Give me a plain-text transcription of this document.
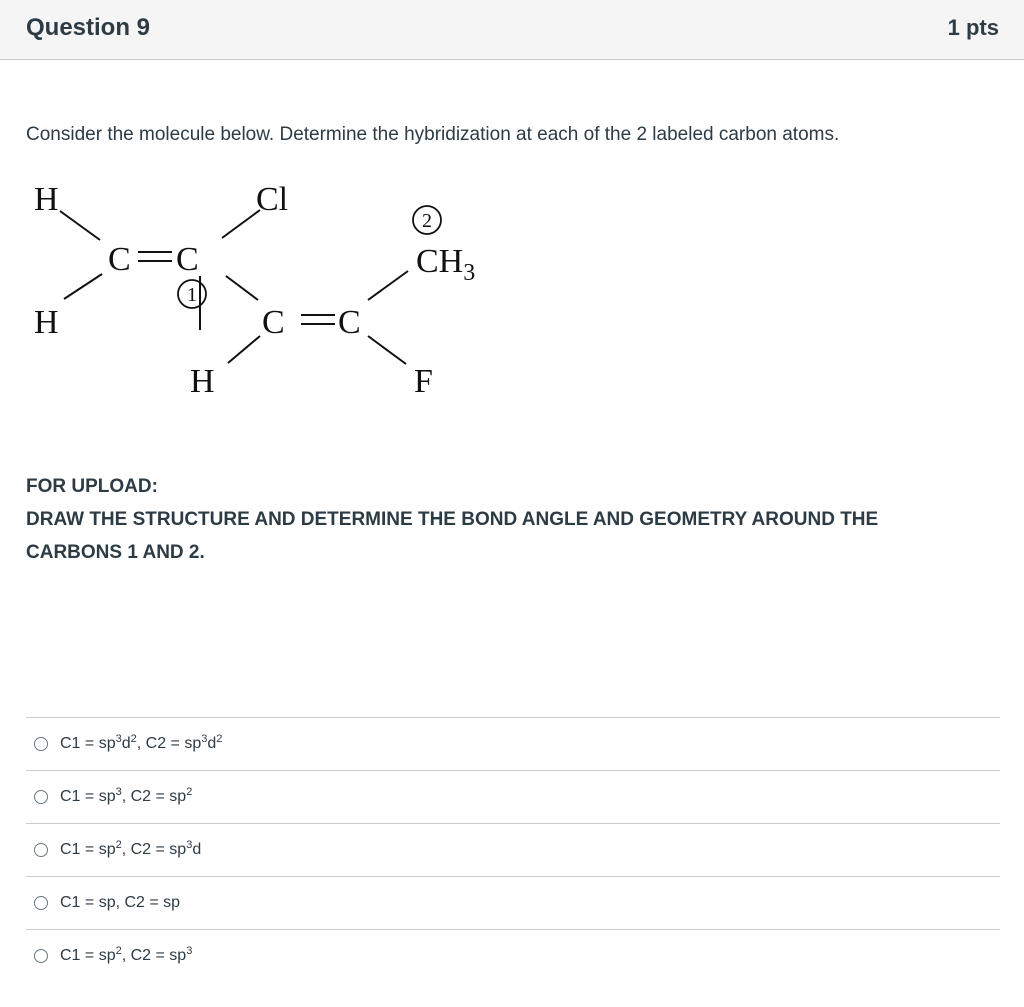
Question 9	1 pts
Consider the molecule below. Determine the hybridization at each of the 2 labeled carbon atoms.
H	Cl
C C
H	C C
H	F
$CH_3$
1
2
FOR UPLOAD:
DRAW THE STRUCTURE AND DETERMINE THE BOND ANGLE AND GEOMETRY AROUND THE
CARBONS 1 AND 2.
$C1 = sp^3d^2$, $C2 = sp^3d^2$
$C1 = sp^3$, $C2 = sp^2$
$C1 = sp^2$, $C2 = sp^3d$
C1 = sp, C2 = sp
$C1 = sp^2$, $C2 = sp^3$
